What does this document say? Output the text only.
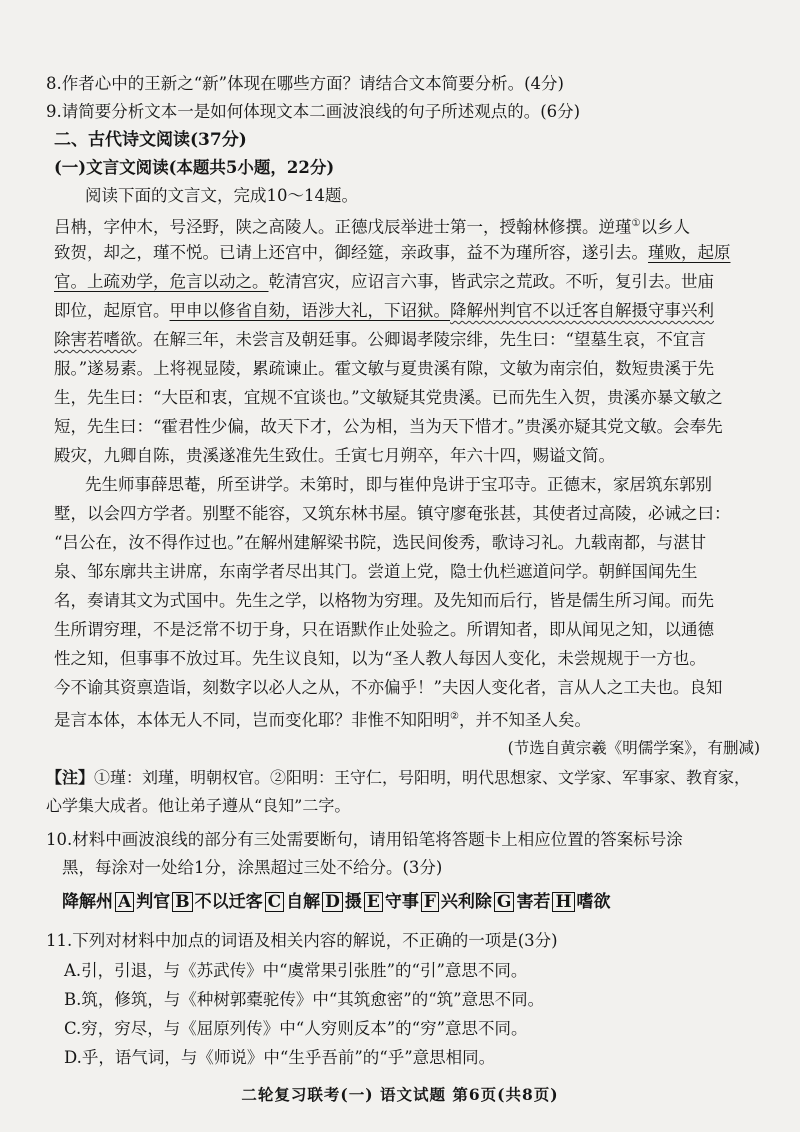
8.作者心中的王新之“新”体现在哪些方面？请结合文本简要分析。(4分)
9.请简要分析文本一是如何体现文本二画波浪线的句子所述观点的。(6分)
二、古代诗文阅读(37分)
(一)文言文阅读(本题共5小题，22分)
阅读下面的文言文，完成10～14题。
吕柟，字仲木，号泾野，陕之高陵人。正德戊辰举进士第一，授翰林修撰。逆瑾①以乡人
致贺，却之，瑾不悦。已请上还宫中，御经筵，亲政事，益不为瑾所容，遂引去。瑾败，起原
官。上疏劝学，危言以动之。乾清宫灾，应诏言六事，皆武宗之荒政。不听，复引去。世庙
即位，起原官。甲申以修省自劾，语涉大礼，下诏狱。降解州判官不以迁客自解摄守事兴利
除害若嗜欲。在解三年，未尝言及朝廷事。公卿谒孝陵宗绯，先生曰：“望墓生哀，不宜言
服。”遂易素。上将视显陵，累疏谏止。霍文敏与夏贵溪有隙，文敏为南宗伯，数短贵溪于先
生，先生曰：“大臣和衷，宜规不宜谈也。”文敏疑其党贵溪。已而先生入贺，贵溪亦暴文敏之
短，先生曰：“霍君性少偏，故天下才，公为相，当为天下惜才。”贵溪亦疑其党文敏。会奉先
殿灾，九卿自陈，贵溪遂准先生致仕。壬寅七月朔卒，年六十四，赐谥文简。
先生师事薛思菴，所至讲学。未第时，即与崔仲凫讲于宝邛寺。正德末，家居筑东郭别
墅，以会四方学者。别墅不能容，又筑东林书屋。镇守廖奄张甚，其使者过高陵，必诫之曰：
“吕公在，汝不得作过也。”在解州建解梁书院，选民间俊秀，歌诗习礼。九载南都，与湛甘
泉、邹东廓共主讲席，东南学者尽出其门。尝道上党，隐士仇栏遮道问学。朝鲜国闻先生
名，奏请其文为式国中。先生之学，以格物为穷理。及先知而后行，皆是儒生所习闻。而先
生所谓穷理，不是泛常不切于身，只在语默作止处验之。所谓知者，即从闻见之知，以通德
性之知，但事事不放过耳。先生议良知，以为“圣人教人每因人变化，未尝规规于一方也。
今不谕其资禀造诣，刻数字以必人之从，不亦偏乎！”夫因人变化者，言从人之工夫也。良知
是言本体，本体无人不同，岂而变化耶？非惟不知阳明②，并不知圣人矣。
(节选自黄宗羲《明儒学案》，有删减)
【注】①瑾：刘瑾，明朝权官。②阳明：王守仁，号阳明，明代思想家、文学家、军事家、教育家，
心学集大成者。他让弟子遵从“良知”二字。
10.材料中画波浪线的部分有三处需要断句，请用铅笔将答题卡上相应位置的答案标号涂
黑，每涂对一处给1分，涂黑超过三处不给分。(3分)
降解州 A 判官 B 不以迁客 C 自解 D 摄 E 守事 F 兴利除 G 害若 H 嗜欲
11.下列对材料中加点的词语及相关内容的解说，不正确的一项是(3分)
A.引，引退，与《苏武传》中“虞常果引张胜”的“引”意思不同。
B.筑，修筑，与《种树郭橐驼传》中“其筑愈密”的“筑”意思不同。
C.穷，穷尽，与《屈原列传》中“人穷则反本”的“穷”意思不同。
D.乎，语气词，与《师说》中“生乎吾前”的“乎”意思相同。
二轮复习联考(一) 语文试题 第6页(共8页)
